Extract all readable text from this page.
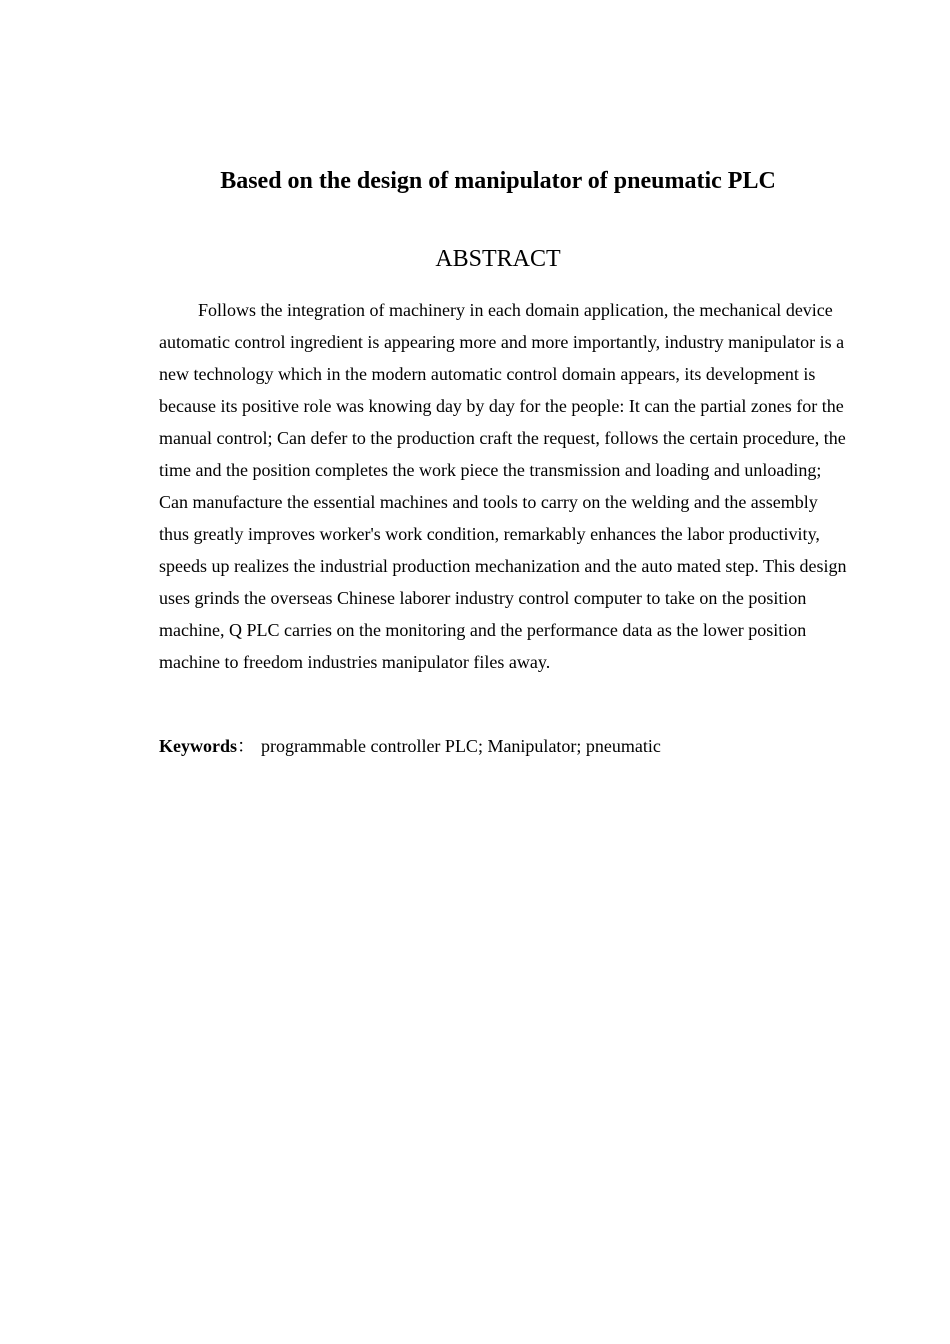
Based on the design of manipulator of pneumatic PLC
ABSTRACT

Follows the integration of machinery in each domain application, the mechanical device automatic control ingredient is appearing more and more importantly, industry manipulator is a new technology which in the modern automatic control domain appears, its development is because its positive role was knowing day by day for the people: It can the partial zones for the manual control; Can defer to the production craft the request, follows the certain procedure, the time and the position completes the work piece the transmission and loading and unloading; Can manufacture the essential machines and tools to carry on the welding and the assembly thus greatly improves worker's work condition, remarkably enhances the labor productivity, speeds up realizes the industrial production mechanization and the auto mated step. This design uses grinds the overseas Chinese laborer industry control computer to take on the position machine, Q PLC carries on the monitoring and the performance data as the lower position machine to freedom industries manipulator files away.

Keywords： programmable controller PLC; Manipulator; pneumatic
